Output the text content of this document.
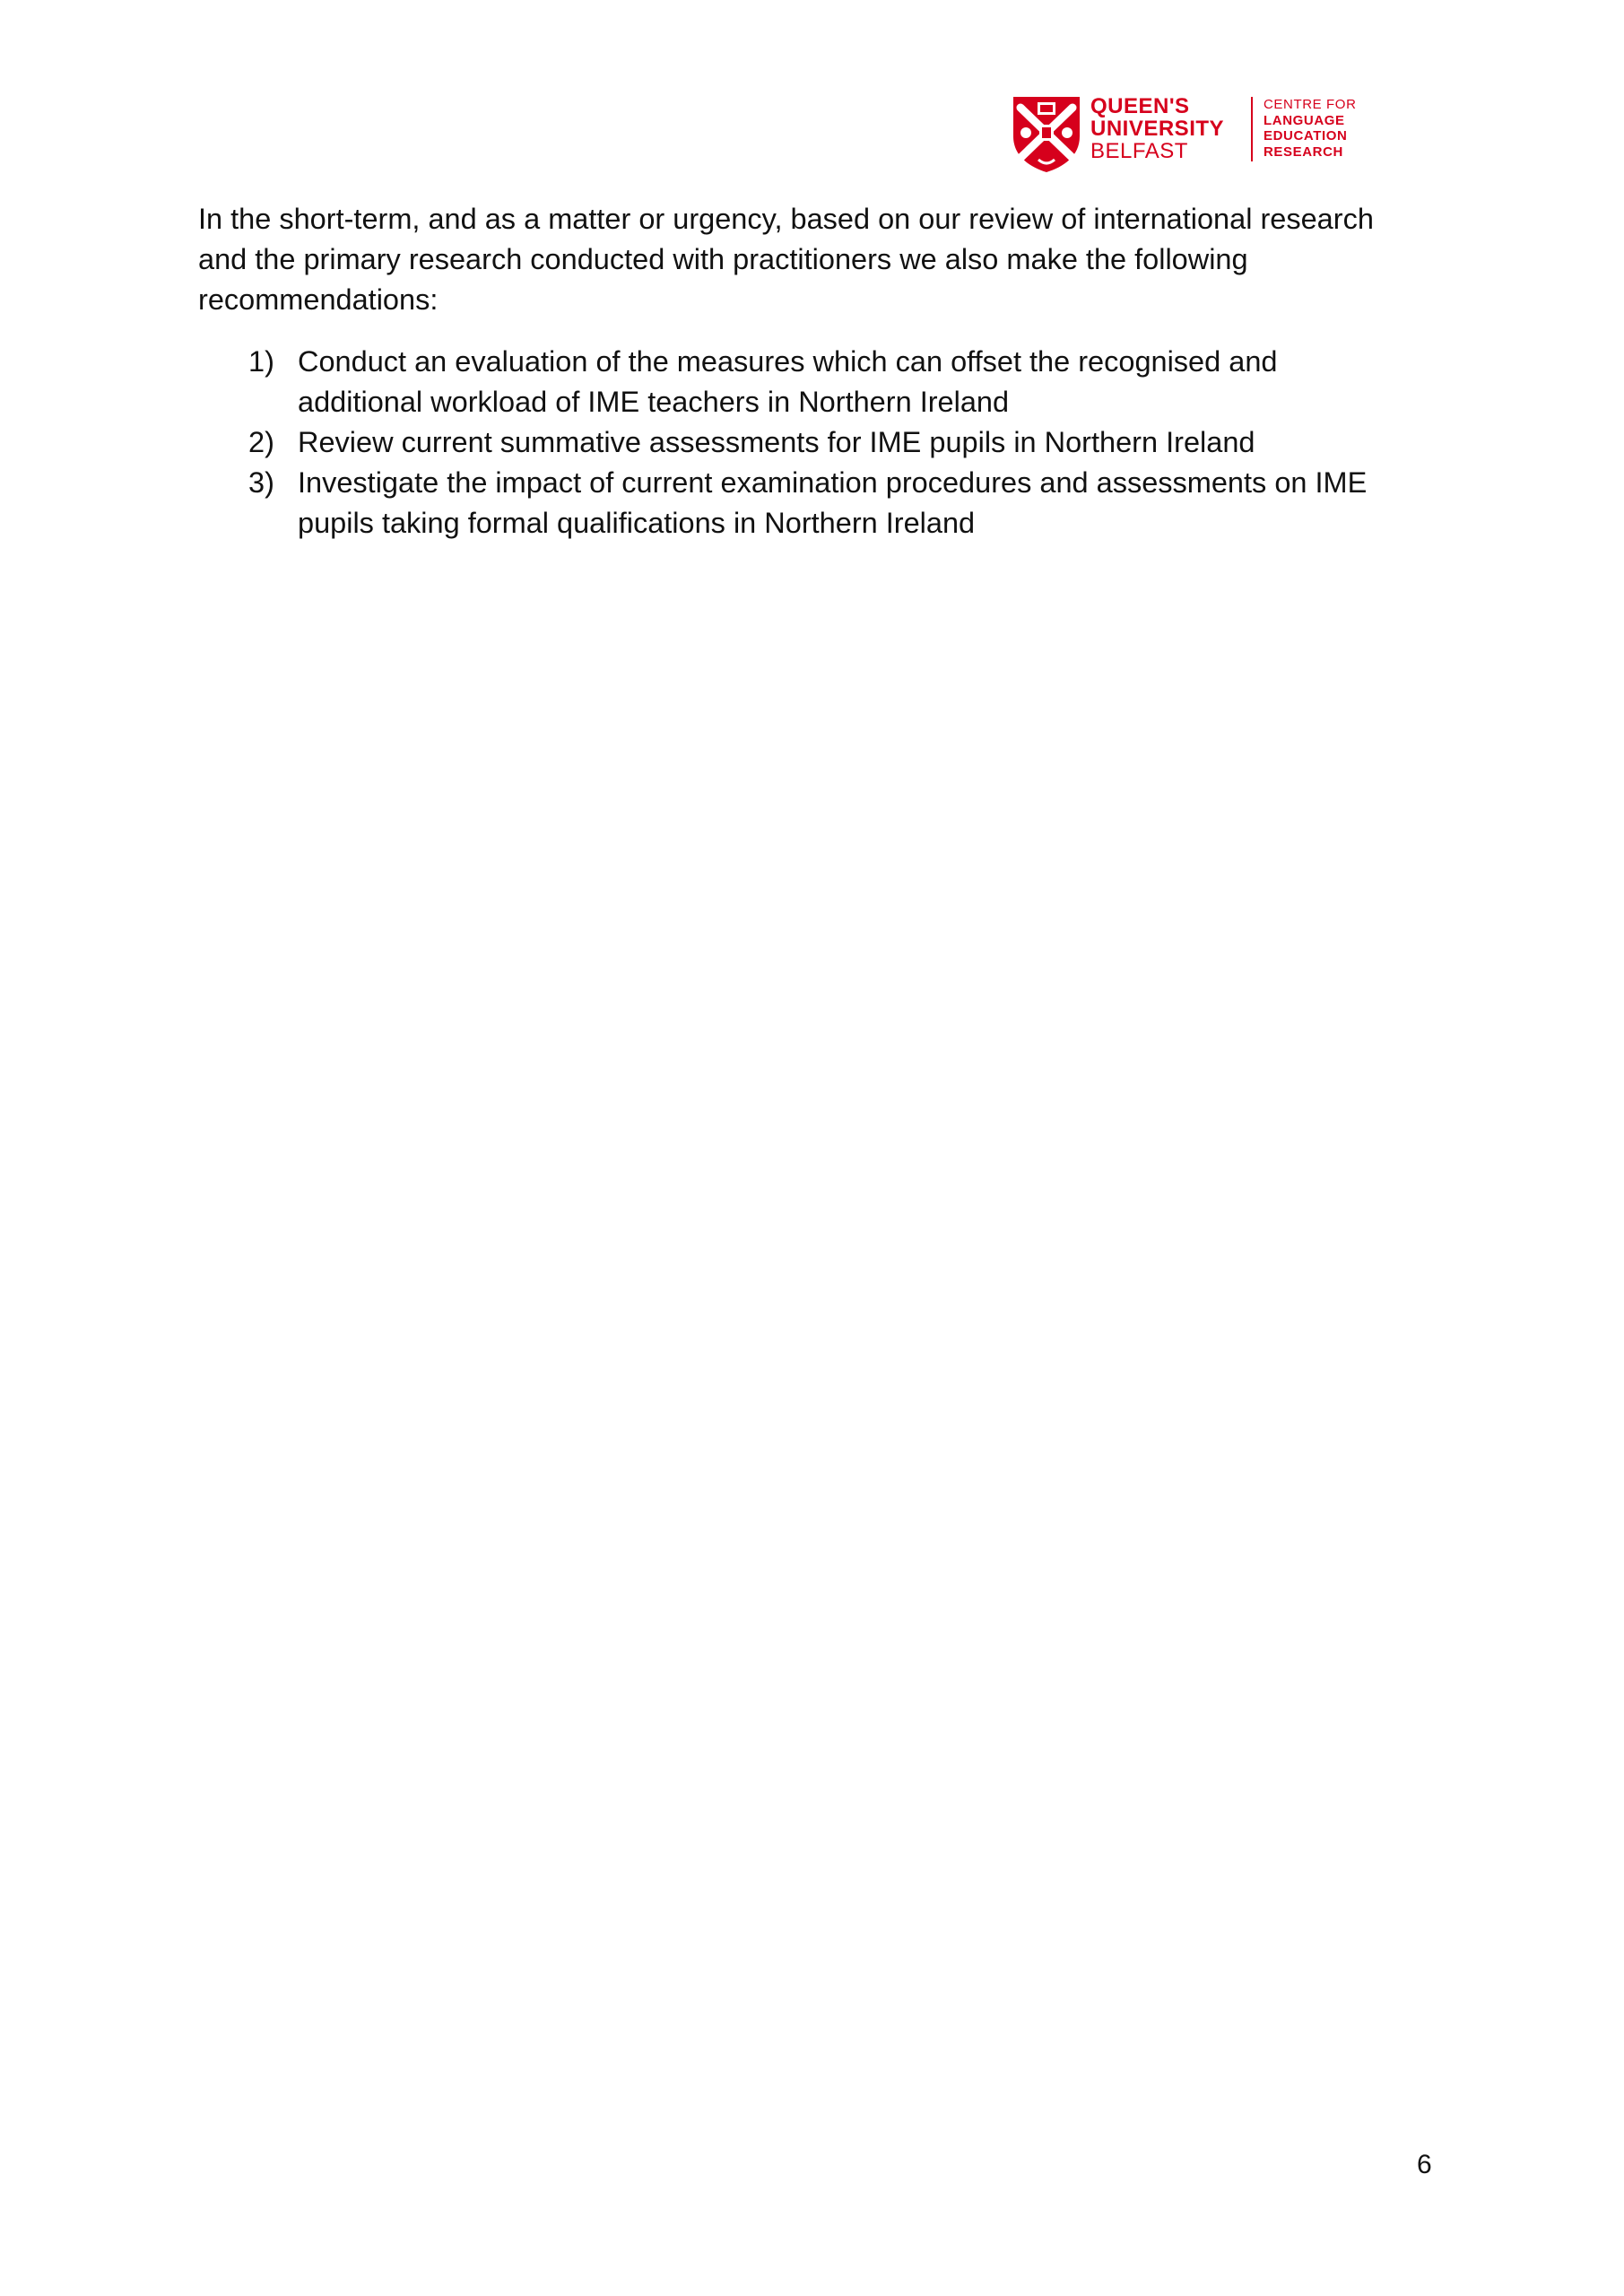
QUEEN'S
UNIVERSITY
BELFAST
CENTRE FOR
LANGUAGE
EDUCATION
RESEARCH

In the short-term, and as a matter or urgency, based on our review of international research
and the primary research conducted with practitioners we also make the following
recommendations:

1) Conduct an evaluation of the measures which can offset the recognised and
additional workload of IME teachers in Northern Ireland
2) Review current summative assessments for IME pupils in Northern Ireland
3) Investigate the impact of current examination procedures and assessments on IME
pupils taking formal qualifications in Northern Ireland
6
